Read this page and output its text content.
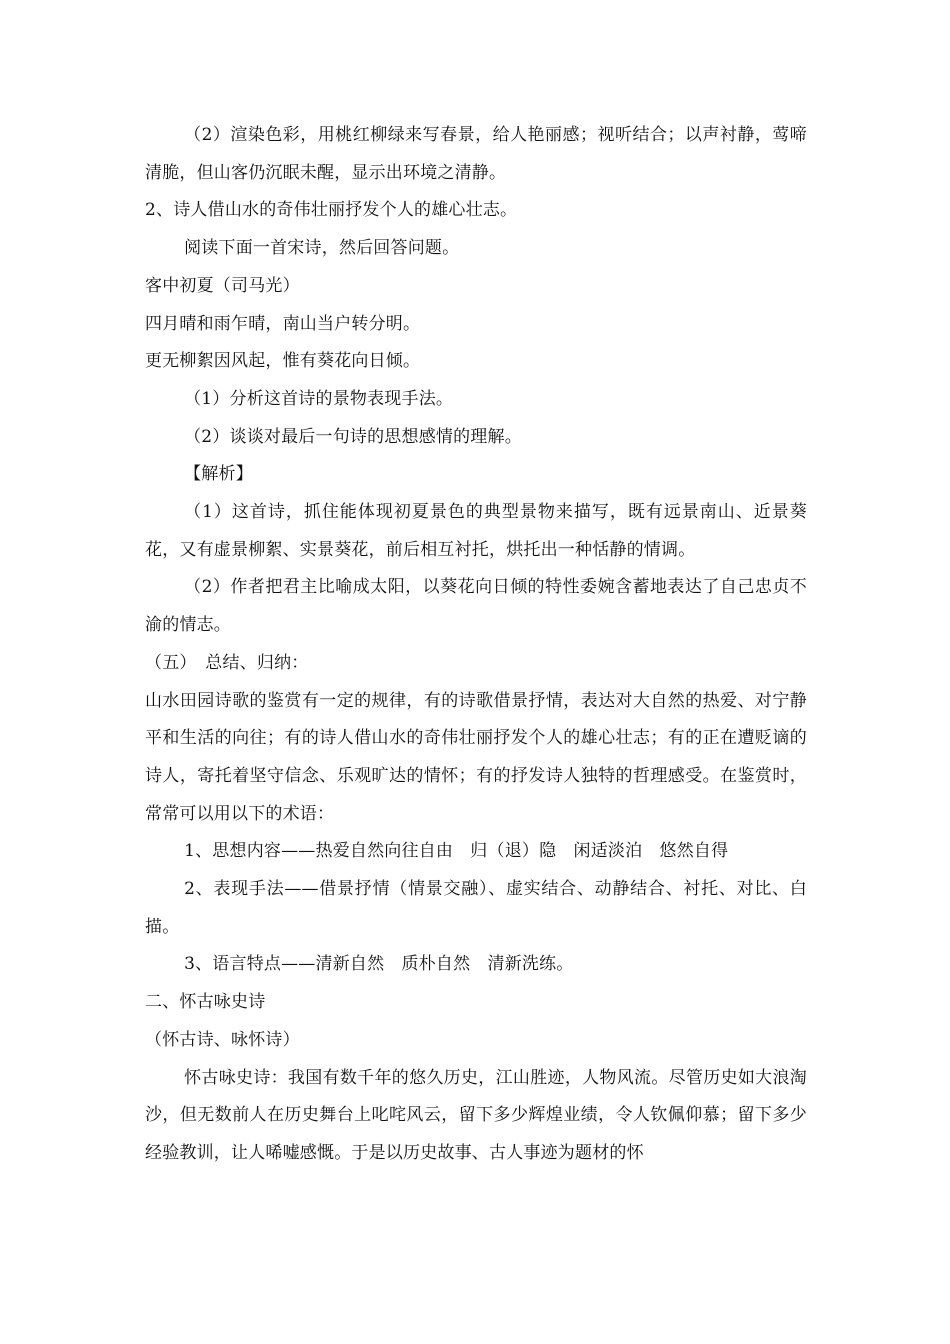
（2）渲染色彩，用桃红柳绿来写春景，给人艳丽感；视听结合；以声衬静，莺啼清脆，但山客仍沉眠未醒，显示出环境之清静。

2、诗人借山水的奇伟壮丽抒发个人的雄心壮志。

阅读下面一首宋诗，然后回答问题。

客中初夏（司马光）

四月晴和雨乍晴，南山当户转分明。

更无柳絮因风起，惟有葵花向日倾。

（1）分析这首诗的景物表现手法。

（2）谈谈对最后一句诗的思想感情的理解。

【解析】

（1）这首诗，抓住能体现初夏景色的典型景物来描写，既有远景南山、近景葵花，又有虚景柳絮、实景葵花，前后相互衬托，烘托出一种恬静的情调。

（2）作者把君主比喻成太阳，以葵花向日倾的特性委婉含蓄地表达了自己忠贞不渝的情志。

（五）　总结、归纳：

山水田园诗歌的鉴赏有一定的规律，有的诗歌借景抒情，表达对大自然的热爱、对宁静平和生活的向往；有的诗人借山水的奇伟壮丽抒发个人的雄心壮志；有的正在遭贬谪的诗人，寄托着坚守信念、乐观旷达的情怀；有的抒发诗人独特的哲理感受。在鉴赏时，常常可以用以下的术语：

1、思想内容——热爱自然向往自由　归（退）隐　闲适淡泊　悠然自得

2、表现手法——借景抒情（情景交融）、虚实结合、动静结合、衬托、对比、白描。

3、语言特点——清新自然　质朴自然　清新洗练。

二、怀古咏史诗

（怀古诗、咏怀诗）

怀古咏史诗：我国有数千年的悠久历史，江山胜迹，人物风流。尽管历史如大浪淘沙，但无数前人在历史舞台上叱咤风云，留下多少辉煌业绩，令人钦佩仰慕；留下多少经验教训，让人唏嘘感慨。于是以历史故事、古人事迹为题材的怀
